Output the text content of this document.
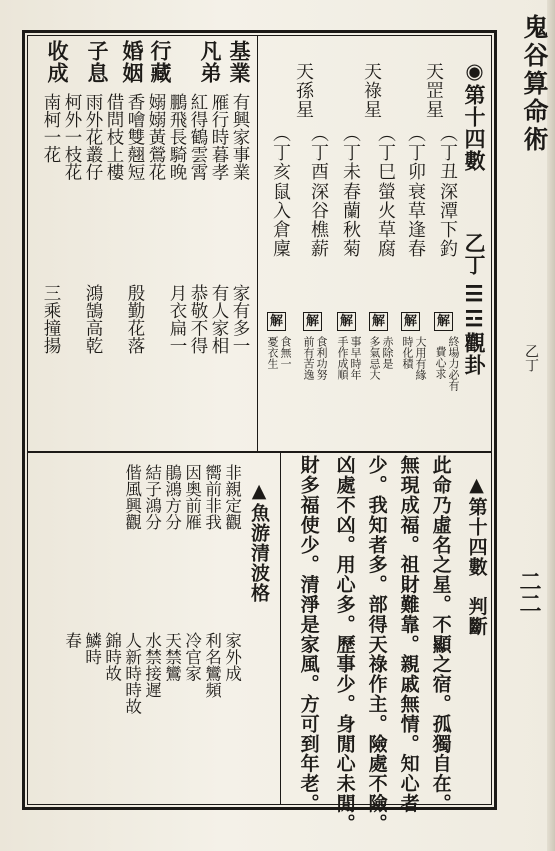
鬼谷算命術
乙丁
二二
◉第十四數
乙丁
☰☲觀卦
天罡星
（丁丑
深潭下釣
解
終場力必有
費心求
（丁卯
衰草逢春
解
大用有緣
時化積
天祿星
（丁巳
螢火草腐
解
赤除是
多氣忌大
（丁未
春蘭秋菊
解
事早時年
手作成順
天孫星
（丁酉
深谷樵薪
解
食利功努
前有苦逸
（丁亥
鼠入倉廩
解
食無一
憂衣生
基業
凡弟
行藏
婚姻
子息
收成
有興家事業
雁行時暮孝
紅得鶴雲霄
鵬飛長騎晚
嫋嫋黃鶯花
香噲雙翹短
借問枝上樓
雨外花叢仔
柯外一枝花
南柯一花
家有多一
有人家相
恭敬不得
月衣扁一
殷勤花落
鴻鵠高乾
三乘撞揚
▲魚游清波格
非親定觀
嚮前非我
因奧前雁
鵑鴻方分
結子鴻分
偕風興觀
家外成
利名鸞頻
冷官家
天禁鸞
水禁接遲
人新時時故
錦時故
鱗時
春
▲第十四數　判斷
此命乃虛名之星。不顯之宿。孤獨自在。
無現成福。祖財難靠。親戚無情。知心者
少。我知者多。部得天祿作主。險處不險。
凶處不凶。用心多。歷事少。身閒心未閒。
財多福使少。清淨是家風。方可到年老。
